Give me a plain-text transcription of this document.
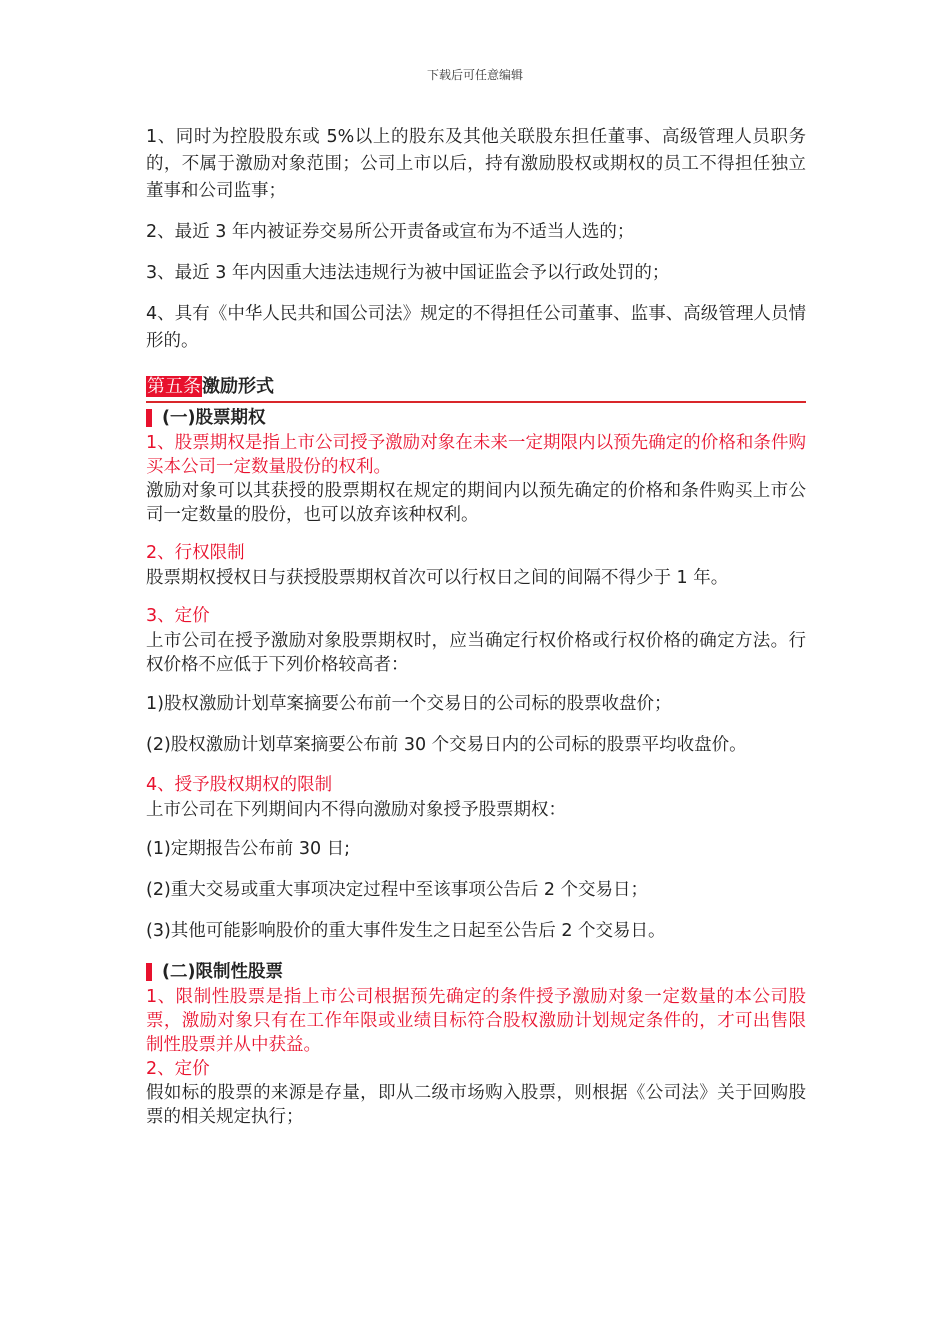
下载后可任意编辑

1、同时为控股股东或 5%以上的股东及其他关联股东担任董事、高级管理人员职务的，不属于激励对象范围；公司上市以后，持有激励股权或期权的员工不得担任独立董事和公司监事；

2、最近 3 年内被证券交易所公开责备或宣布为不适当人选的；

3、最近 3 年内因重大违法违规行为被中国证监会予以行政处罚的；

4、具有《中华人民共和国公司法》规定的不得担任公司董事、监事、高级管理人员情形的。

第五条激励形式
(一)股票期权

1、股票期权是指上市公司授予激励对象在未来一定期限内以预先确定的价格和条件购买本公司一定数量股份的权利。

激励对象可以其获授的股票期权在规定的期间内以预先确定的价格和条件购买上市公司一定数量的股份，也可以放弃该种权利。

2、行权限制

股票期权授权日与获授股票期权首次可以行权日之间的间隔不得少于 1 年。

3、定价

上市公司在授予激励对象股票期权时，应当确定行权价格或行权价格的确定方法。行权价格不应低于下列价格较高者：

1)股权激励计划草案摘要公布前一个交易日的公司标的股票收盘价；

(2)股权激励计划草案摘要公布前 30 个交易日内的公司标的股票平均收盘价。

4、授予股权期权的限制

上市公司在下列期间内不得向激励对象授予股票期权：

(1)定期报告公布前 30 日;

(2)重大交易或重大事项决定过程中至该事项公告后 2 个交易日；

(3)其他可能影响股价的重大事件发生之日起至公告后 2 个交易日。

(二)限制性股票

1、限制性股票是指上市公司根据预先确定的条件授予激励对象一定数量的本公司股票，激励对象只有在工作年限或业绩目标符合股权激励计划规定条件的，才可出售限制性股票并从中获益。

2、定价

假如标的股票的来源是存量，即从二级市场购入股票，则根据《公司法》关于回购股票的相关规定执行；
